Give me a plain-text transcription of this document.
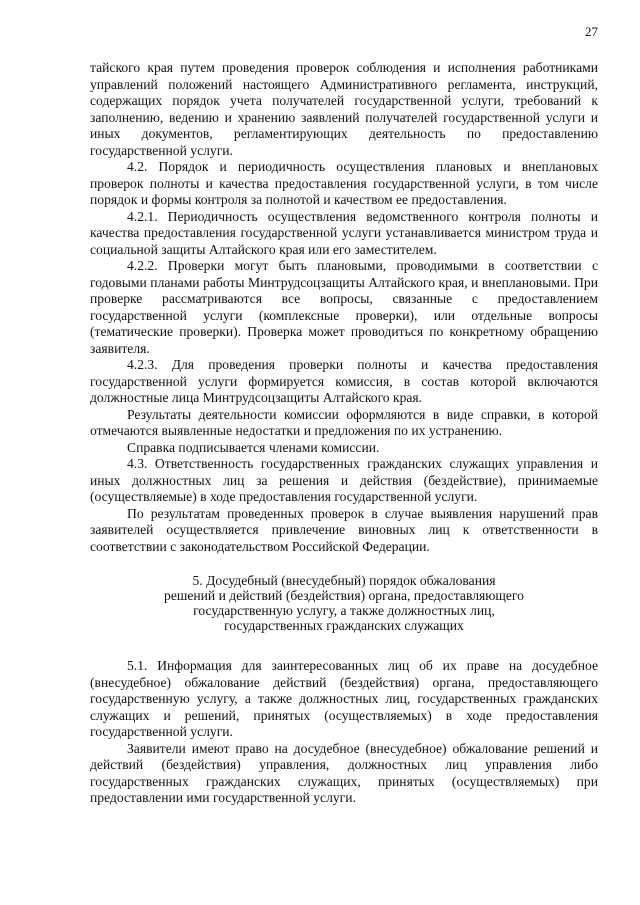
27

тайского края путем проведения проверок соблюдения и исполнения работниками управлений положений настоящего Административного регламента, инструкций, содержащих порядок учета получателей государственной услуги, требований к заполнению, ведению и хранению заявлений получателей государственной услуги и иных документов, регламентирующих деятельность по предоставлению государственной услуги.

4.2. Порядок и периодичность осуществления плановых и внеплановых проверок полноты и качества предоставления государственной услуги, в том числе порядок и формы контроля за полнотой и качеством ее предоставления.

4.2.1. Периодичность осуществления ведомственного контроля полноты и качества предоставления государственной услуги устанавливается министром труда и социальной защиты Алтайского края или его заместителем.

4.2.2. Проверки могут быть плановыми, проводимыми в соответствии с годовыми планами работы Минтрудсоцзащиты Алтайского края, и внеплановыми. При проверке рассматриваются все вопросы, связанные с предоставлением государственной услуги (комплексные проверки), или отдельные вопросы (тематические проверки). Проверка может проводиться по конкретному обращению заявителя.

4.2.3. Для проведения проверки полноты и качества предоставления государственной услуги формируется комиссия, в состав которой включаются должностные лица Минтрудсоцзащиты Алтайского края.

Результаты деятельности комиссии оформляются в виде справки, в которой отмечаются выявленные недостатки и предложения по их устранению.

Справка подписывается членами комиссии.

4.3. Ответственность государственных гражданских служащих управления и иных должностных лиц за решения и действия (бездействие), принимаемые (осуществляемые) в ходе предоставления государственной услуги.

По результатам проведенных проверок в случае выявления нарушений прав заявителей осуществляется привлечение виновных лиц к ответственности в соответствии с законодательством Российской Федерации.

5. Досудебный (внесудебный) порядок обжалования
решений и действий (бездействия) органа, предоставляющего
государственную услугу, а также должностных лиц,
государственных гражданских служащих

5.1. Информация для заинтересованных лиц об их праве на досудебное (внесудебное) обжалование действий (бездействия) органа, предоставляющего государственную услугу, а также должностных лиц, государственных гражданских служащих и решений, принятых (осуществляемых) в ходе предоставления государственной услуги.

Заявители имеют право на досудебное (внесудебное) обжалование решений и действий (бездействия) управления, должностных лиц управления либо государственных гражданских служащих, принятых (осуществляемых) при предоставлении ими государственной услуги.
